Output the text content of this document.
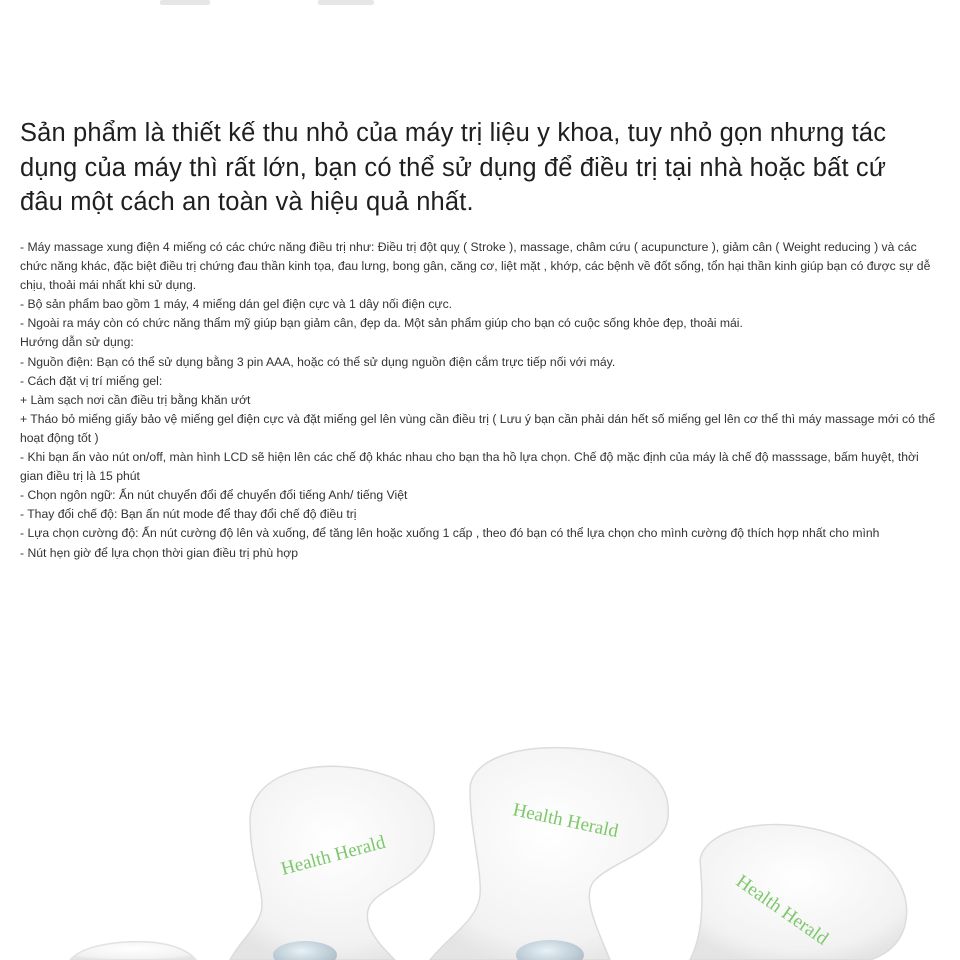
Sản phẩm là thiết kế thu nhỏ của máy trị liệu y khoa, tuy nhỏ gọn nhưng tác dụng của máy thì rất lớn, bạn có thể sử dụng để điều trị tại nhà hoặc bất cứ đâu một cách an toàn và hiệu quả nhất.
- Máy massage xung điện 4 miếng có các chức năng điều trị như: Điều trị đột quỵ ( Stroke ), massage, châm cứu ( acupuncture ), giảm cân ( Weight reducing ) và các chức năng khác, đặc biệt điều trị chứng đau thần kinh tọa, đau lưng, bong gân, căng cơ, liệt mặt , khớp, các bệnh về đốt sống, tổn hại thần kinh giúp bạn có được sự dễ chịu, thoải mái nhất khi sử dụng.
- Bộ sản phẩm bao gồm 1 máy, 4 miếng dán gel điện cực và 1 dây nối điện cực.
- Ngoài ra máy còn có chức năng thẩm mỹ giúp bạn giảm cân, đẹp da. Một sản phẩm giúp cho bạn có cuộc sống khỏe đẹp, thoải mái.
Hướng dẫn sử dụng:
- Nguồn điện: Bạn có thể sử dụng bằng 3 pin AAA, hoặc có thể sử dụng nguồn điện cắm trực tiếp nối với máy.
- Cách đặt vị trí miếng gel:
+ Làm sạch nơi cần điều trị bằng khăn ướt
+ Tháo bỏ miếng giấy bảo vệ miếng gel điện cực và đặt miếng gel lên vùng cần điều trị ( Lưu ý bạn cần phải dán hết số miếng gel lên cơ thể thì máy massage mới có thể hoạt động tốt )
- Khi bạn ấn vào nút on/off, màn hình LCD sẽ hiện lên các chế độ khác nhau cho bạn tha hồ lựa chọn. Chế độ mặc định của máy là chế độ masssage, bấm huyệt, thời gian điều trị là 15 phút
- Chọn ngôn ngữ: Ấn nút chuyển đổi để chuyển đổi tiếng Anh/ tiếng Việt
- Thay đổi chế độ: Bạn ấn nút mode để thay đổi chế độ điều trị
- Lựa chọn cường độ: Ấn nút cường độ lên và xuống, để tăng lên hoặc xuống 1 cấp , theo đó bạn có thể lựa chọn cho mình cường độ thích hợp nhất cho mình
- Nút hẹn giờ để lựa chọn thời gian điều trị phù hợp
Health Herald
Health Herald
Health Herald
